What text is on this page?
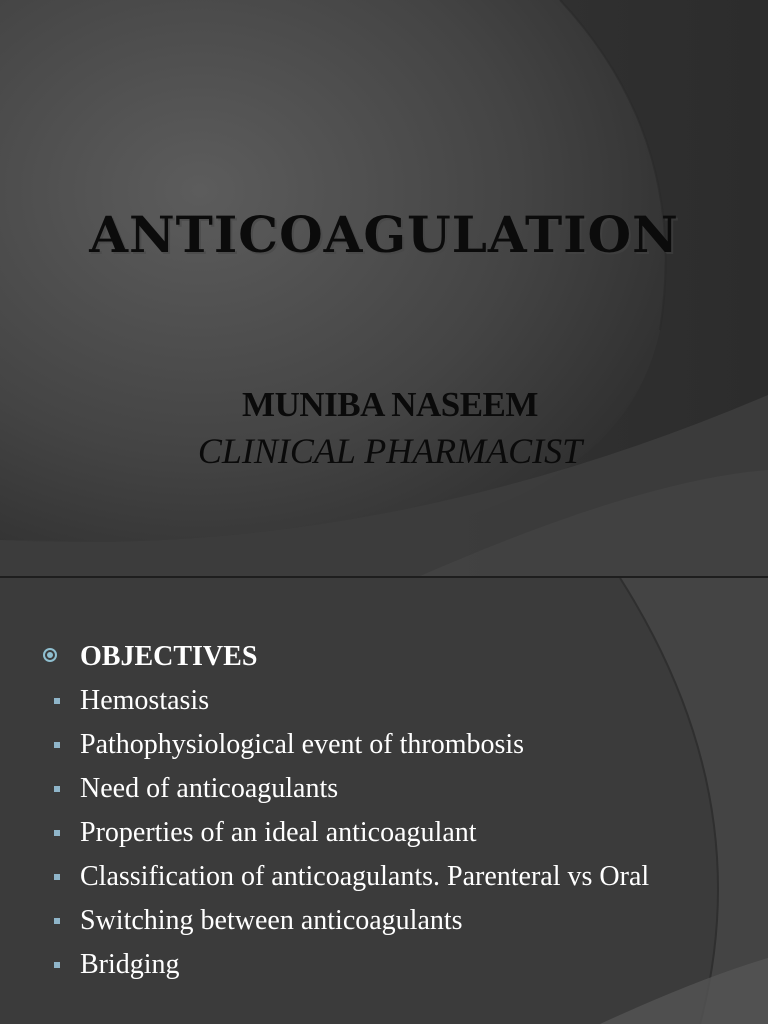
ANTICOAGULATION
MUNIBA NASEEM
CLINICAL PHARMACIST
OBJECTIVES
Hemostasis
Pathophysiological event of thrombosis
Need of anticoagulants
Properties of an ideal anticoagulant
Classification of anticoagulants. Parenteral vs Oral
Switching between anticoagulants
Bridging
